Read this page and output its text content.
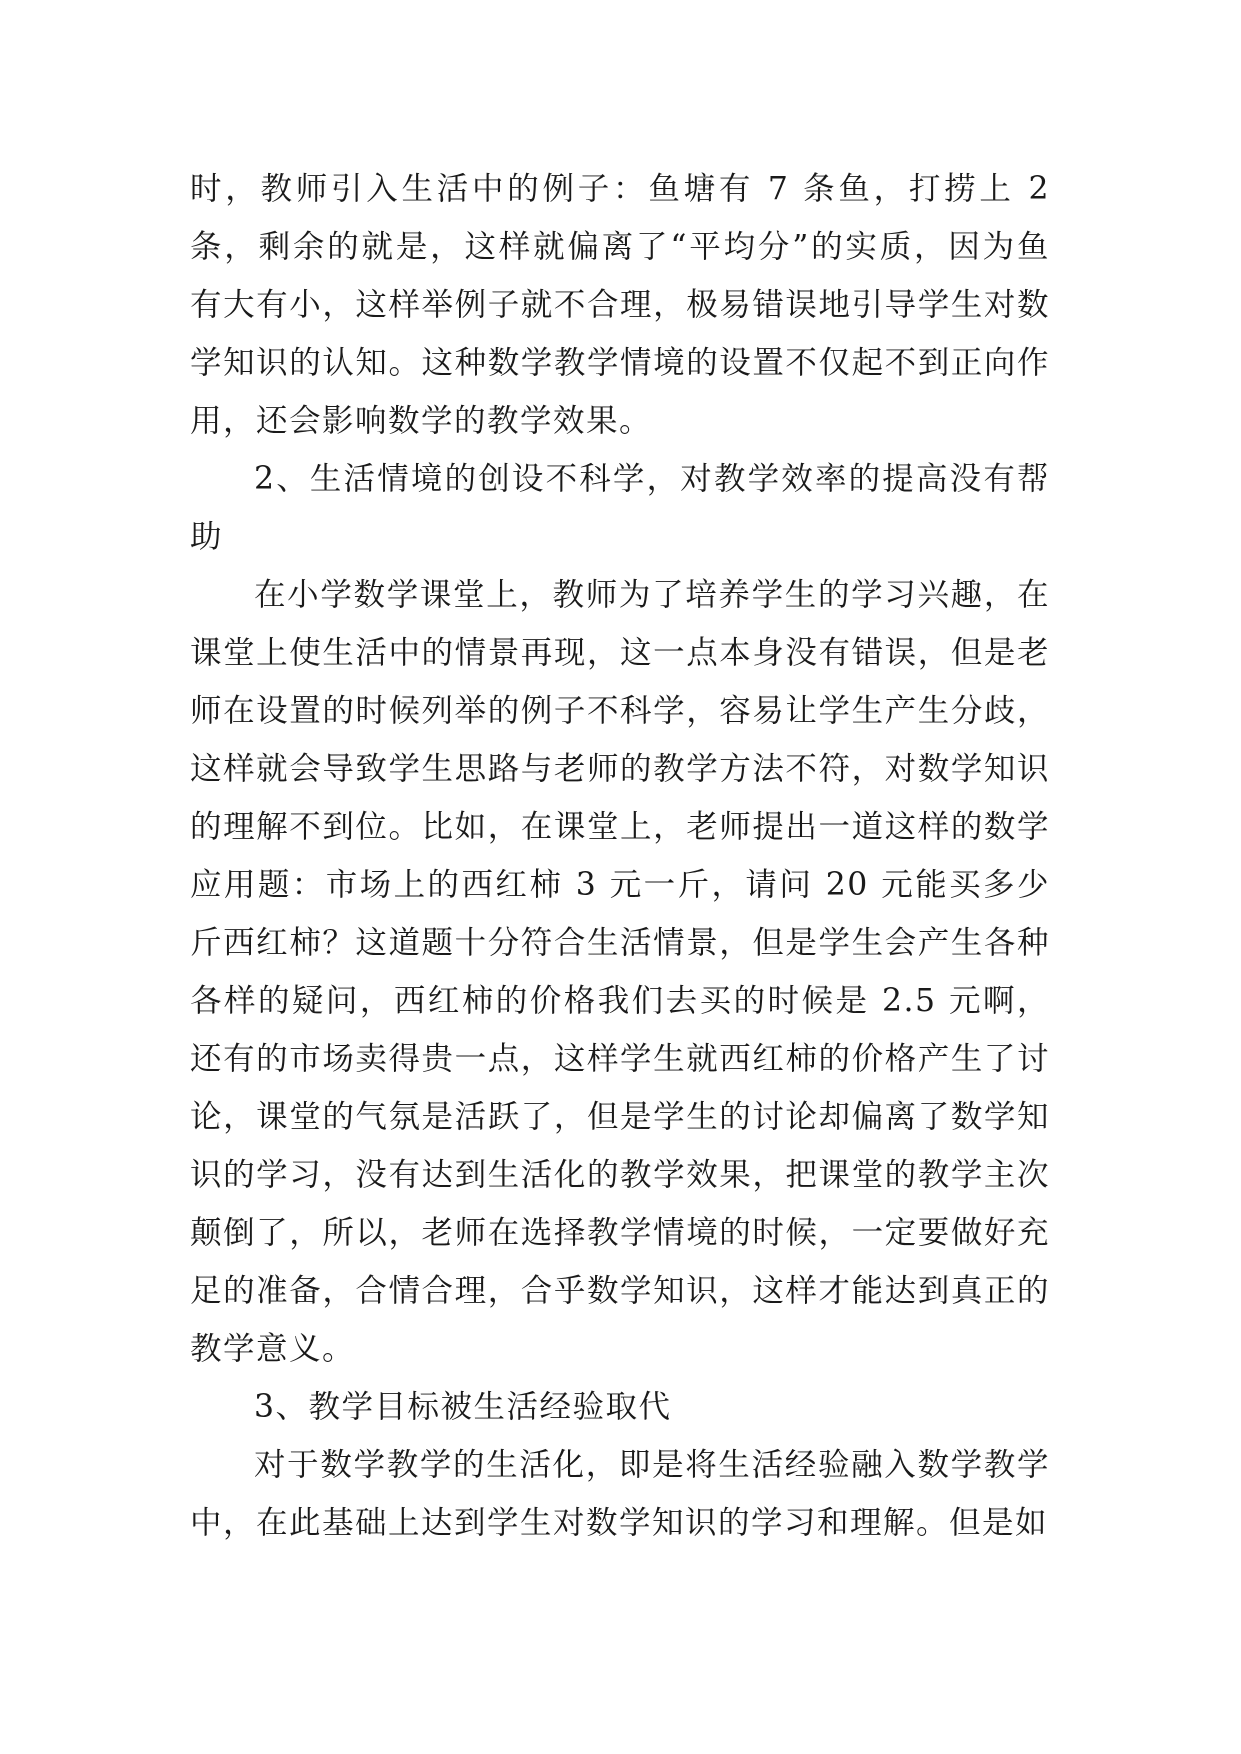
时，教师引入生活中的例子：鱼塘有 7 条鱼，打捞上 2 条，剩余的就是，这样就偏离了“平均分”的实质，因为鱼有大有小，这样举例子就不合理，极易错误地引导学生对数学知识的认知。这种数学教学情境的设置不仅起不到正向作用，还会影响数学的教学效果。

2、生活情境的创设不科学，对教学效率的提高没有帮助

在小学数学课堂上，教师为了培养学生的学习兴趣，在课堂上使生活中的情景再现，这一点本身没有错误，但是老师在设置的时候列举的例子不科学，容易让学生产生分歧，这样就会导致学生思路与老师的教学方法不符，对数学知识的理解不到位。比如，在课堂上，老师提出一道这样的数学应用题：市场上的西红柿 3 元一斤，请问 20 元能买多少斤西红柿？这道题十分符合生活情景，但是学生会产生各种各样的疑问，西红柿的价格我们去买的时候是 2.5 元啊，还有的市场卖得贵一点，这样学生就西红柿的价格产生了讨论，课堂的气氛是活跃了，但是学生的讨论却偏离了数学知识的学习，没有达到生活化的教学效果，把课堂的教学主次颠倒了，所以，老师在选择教学情境的时候，一定要做好充足的准备，合情合理，合乎数学知识，这样才能达到真正的教学意义。

3、教学目标被生活经验取代

对于数学教学的生活化，即是将生活经验融入数学教学中，在此基础上达到学生对数学知识的学习和理解。但是如
